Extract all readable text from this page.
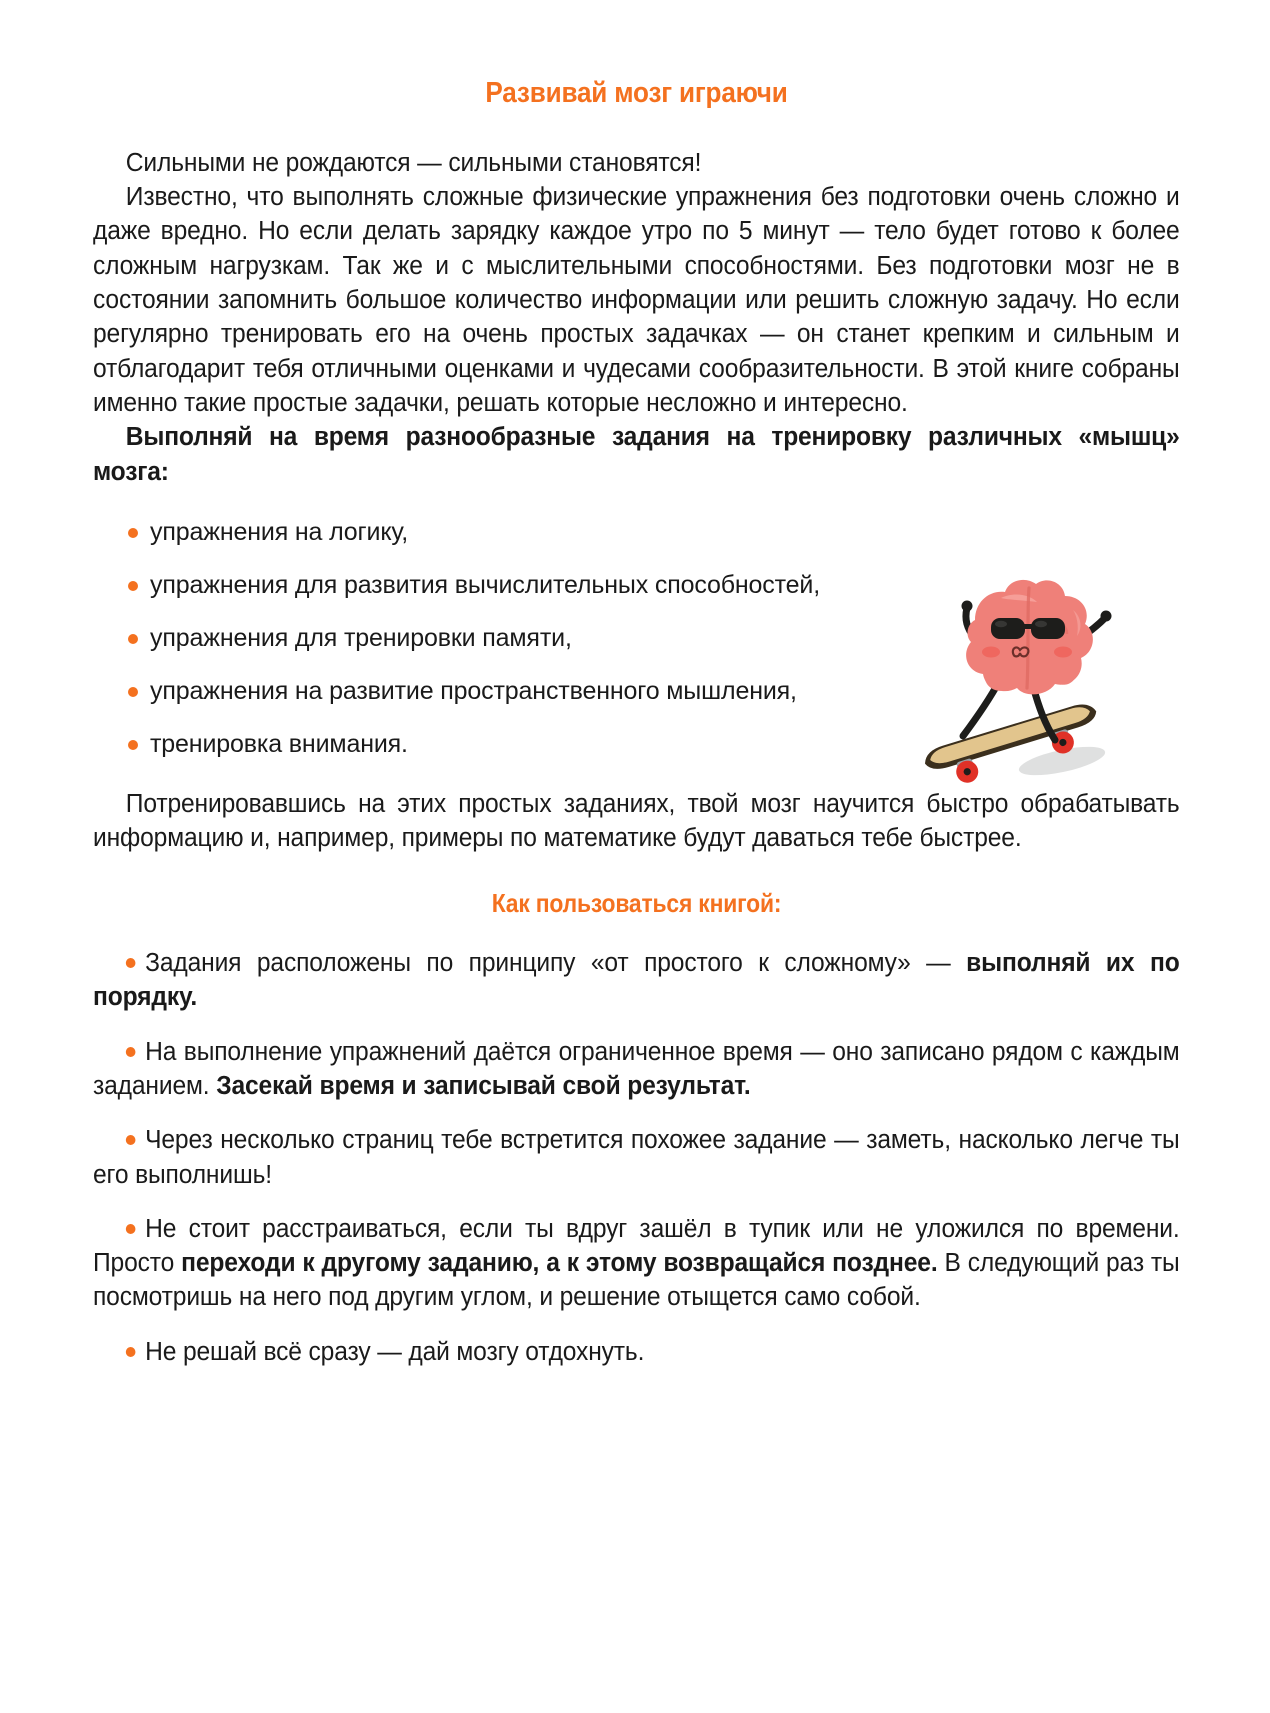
Развивай мозг играючи

Сильными не рождаются — сильными становятся!

Известно, что выполнять сложные физические упражнения без подготовки очень сложно и даже вредно. Но если делать зарядку каждое утро по 5 минут — тело будет готово к более сложным нагрузкам. Так же и с мыслительными способностями. Без подготовки мозг не в состоянии запомнить большое количество информации или решить сложную задачу. Но если регулярно тренировать его на очень простых задачках — он станет крепким и сильным и отблагодарит тебя отличными оценками и чудесами сообразительности. В этой книге собраны именно такие простые задачки, решать которые несложно и интересно.

Выполняй на время разнообразные задания на тренировку различных «мышц» мозга:

упражнения на логику,
упражнения для развития вычислительных способностей,
упражнения для тренировки памяти,
упражнения на развитие пространственного мышления,
тренировка внимания.

Потренировавшись на этих простых заданиях, твой мозг научится быстро обрабатывать информацию и, например, примеры по математике будут даваться тебе быстрее.

Как пользоваться книгой:

Задания расположены по принципу «от простого к сложному» — выполняй их по порядку.

На выполнение упражнений даётся ограниченное время — оно записано рядом с каждым заданием. Засекай время и записывай свой результат.

Через несколько страниц тебе встретится похожее задание — заметь, насколько легче ты его выполнишь!

Не стоит расстраиваться, если ты вдруг зашёл в тупик или не уложился по времени. Просто переходи к другому заданию, а к этому возвращайся позднее. В следующий раз ты посмотришь на него под другим углом, и решение отыщется само собой.

Не решай всё сразу — дай мозгу отдохнуть.
